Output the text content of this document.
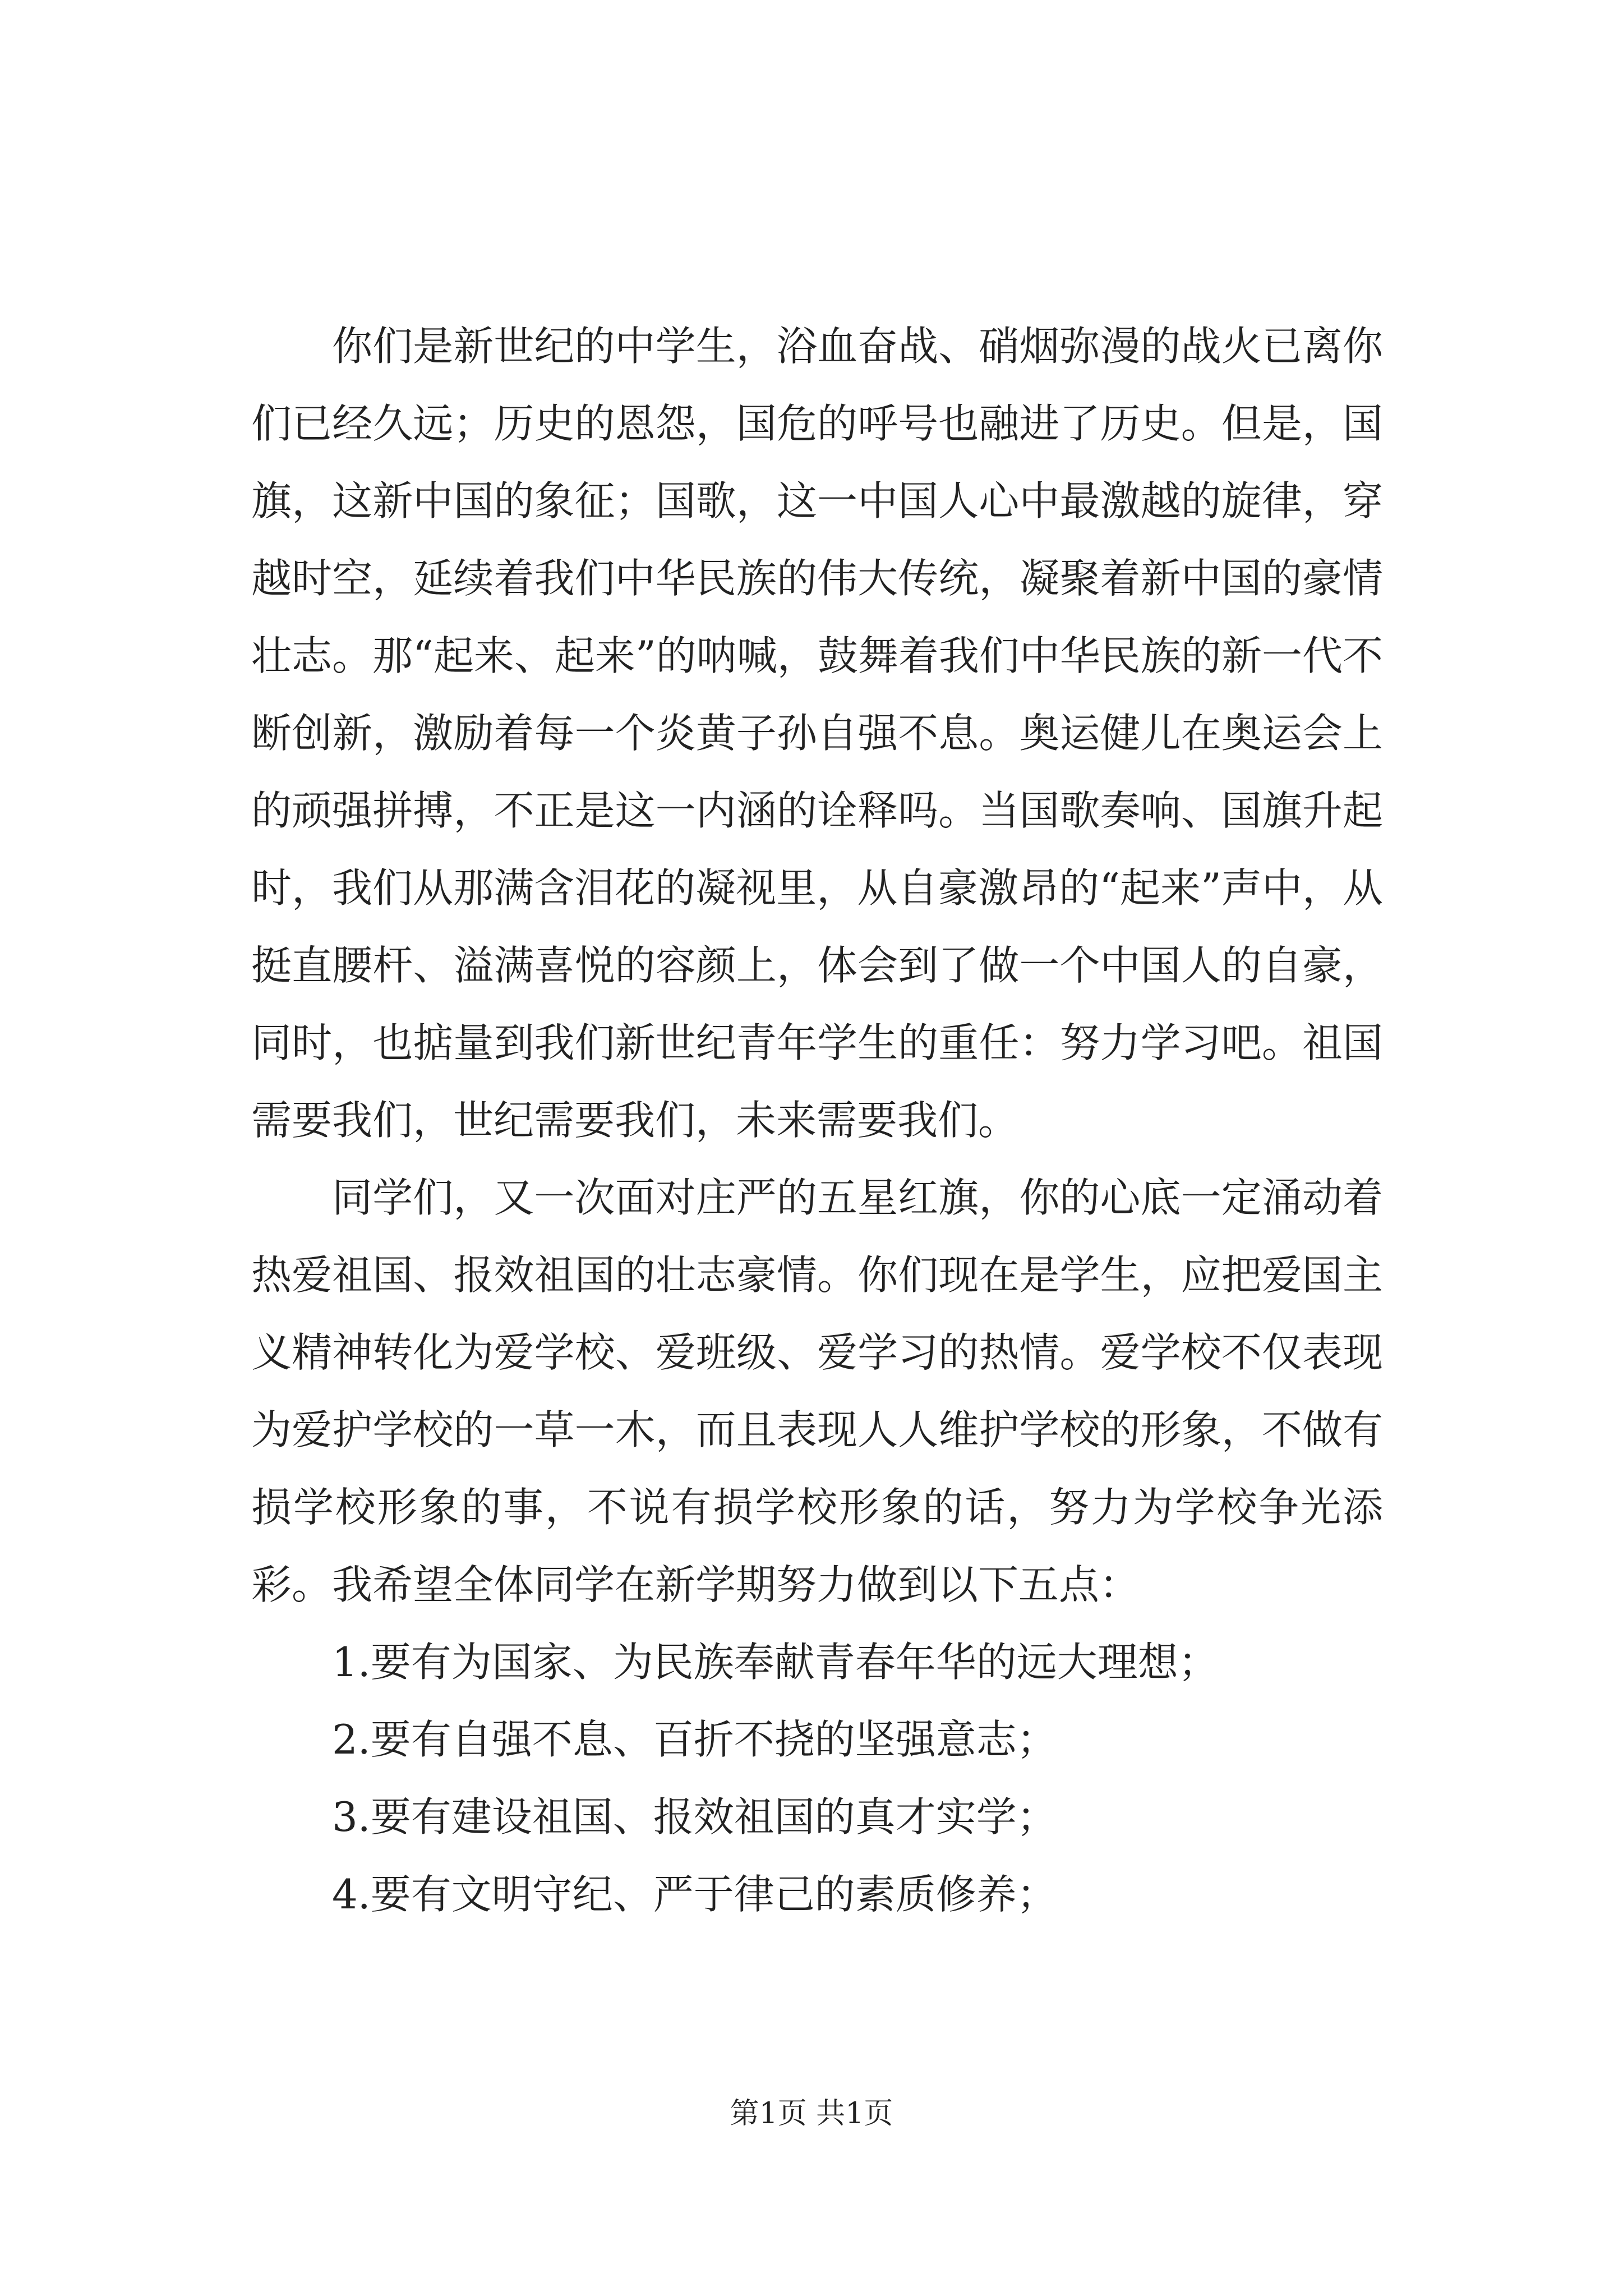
你们是新世纪的中学生，浴血奋战、硝烟弥漫的战火已离你们已经久远；历史的恩怨，国危的呼号也融进了历史。但是，国旗，这新中国的象征；国歌，这一中国人心中最激越的旋律，穿越时空，延续着我们中华民族的伟大传统，凝聚着新中国的豪情壮志。那“起来、起来”的呐喊，鼓舞着我们中华民族的新一代不断创新，激励着每一个炎黄子孙自强不息。奥运健儿在奥运会上的顽强拼搏，不正是这一内涵的诠释吗。当国歌奏响、国旗升起时，我们从那满含泪花的凝视里，从自豪激昂的“起来”声中，从挺直腰杆、溢满喜悦的容颜上，体会到了做一个中国人的自豪，同时，也掂量到我们新世纪青年学生的重任：努力学习吧。祖国需要我们，世纪需要我们，未来需要我们。

同学们，又一次面对庄严的五星红旗，你的心底一定涌动着热爱祖国、报效祖国的壮志豪情。你们现在是学生，应把爱国主义精神转化为爱学校、爱班级、爱学习的热情。爱学校不仅表现为爱护学校的一草一木，而且表现人人维护学校的形象，不做有损学校形象的事，不说有损学校形象的话，努力为学校争光添彩。我希望全体同学在新学期努力做到以下五点：

1.要有为国家、为民族奉献青春年华的远大理想；
2.要有自强不息、百折不挠的坚强意志；
3.要有建设祖国、报效祖国的真才实学；
4.要有文明守纪、严于律己的素质修养；
第1页 共1页
